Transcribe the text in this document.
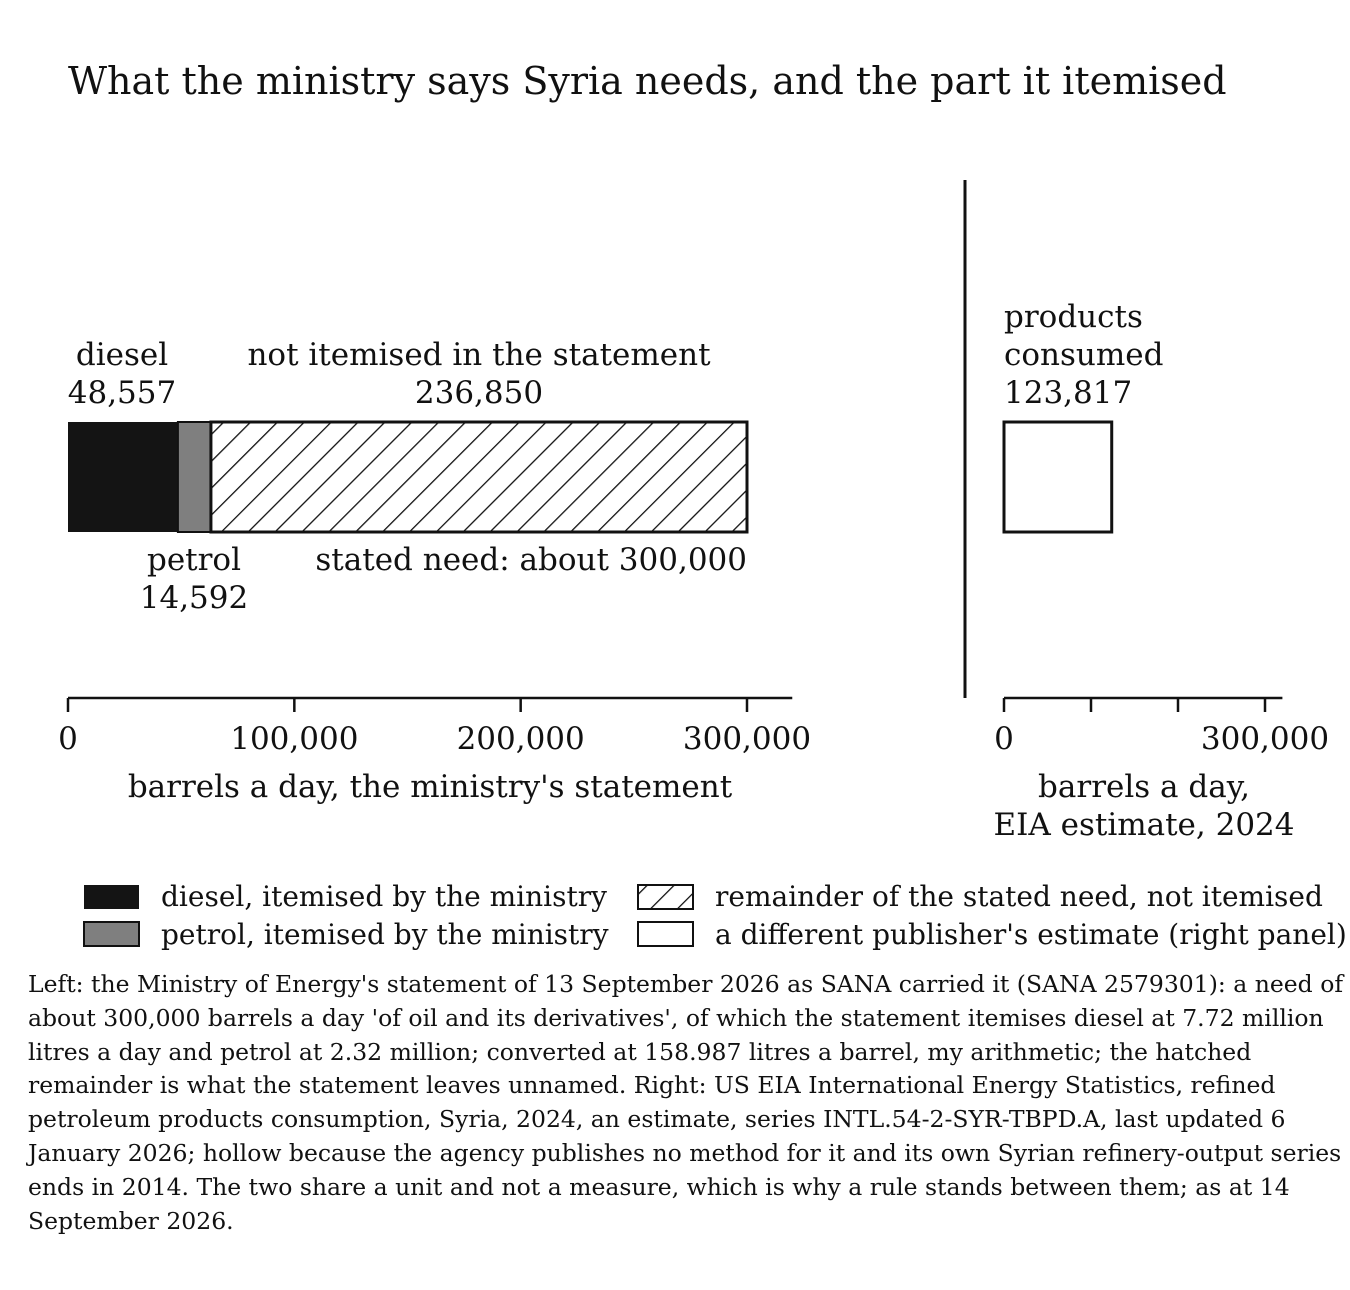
What the ministry says Syria needs, and the part it itemised
diesel
48,557
not itemised in the statement
236,850
petrol
14,592
stated need: about 300,000
0	100,000	200,000	300,000
barrels a day, the ministry's statement
products
consumed
123,817
0	300,000
barrels a day,
EIA estimate, 2024
diesel, itemised by the ministry
petrol, itemised by the ministry
remainder of the stated need, not itemised
a different publisher's estimate (right panel)

Left: the Ministry of Energy's statement of 13 September 2026 as SANA carried it (SANA 2579301): a need of about 300,000 barrels a day 'of oil and its derivatives', of which the statement itemises diesel at 7.72 million litres a day and petrol at 2.32 million; converted at 158.987 litres a barrel, my arithmetic; the hatched remainder is what the statement leaves unnamed. Right: US EIA International Energy Statistics, refined petroleum products consumption, Syria, 2024, an estimate, series INTL.54-2-SYR-TBPD.A, last updated 6 January 2026; hollow because the agency publishes no method for it and its own Syrian refinery-output series ends in 2014. The two share a unit and not a measure, which is why a rule stands between them; as at 14 September 2026.
